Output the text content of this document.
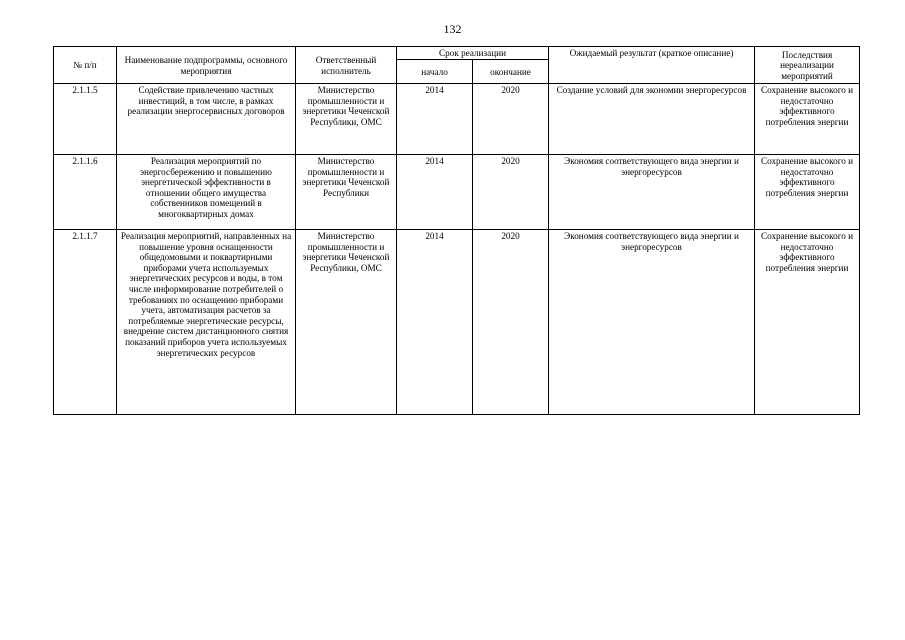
132
№ п/п	Наименование подпрограммы, основного мероприятия	Ответственный исполнитель	Срок реализации		Ожидаемый результат (краткое описание)	Последствия нереализации мероприятий
			начало	окончание		
2.1.1.5	Содействие привлечению частных инвестиций, в том числе, в рамках реализации энергосервисных договоров	Министерство промышленности и энергетики Чеченской Республики, ОМС	2014	2020	Создание условий для экономии энергоресурсов	Сохранение высокого и недостаточно эффективного потребления энергии
2.1.1.6	Реализация мероприятий по энергосбережению и повышению энергетической эффективности в отношении общего имущества собственников помещений в многоквартирных домах	Министерство промышленности и энергетики Чеченской Республики	2014	2020	Экономия соответствующего вида энергии и энергоресурсов	Сохранение высокого и недостаточно эффективного потребления энергии
2.1.1.7	Реализация мероприятий, направленных на повышение уровня оснащенности общедомовыми и поквартирными приборами учета используемых энергетических ресурсов и воды, в том числе информирование потребителей о требованиях по оснащению приборами учета, автоматизация расчетов за потребляемые энергетические ресурсы, внедрение систем дистанционного снятия показаний приборов учета используемых энергетических ресурсов	Министерство промышленности и энергетики Чеченской Республики, ОМС	2014	2020	Экономия соответствующего вида энергии и энергоресурсов	Сохранение высокого и недостаточно эффективного потребления энергии
